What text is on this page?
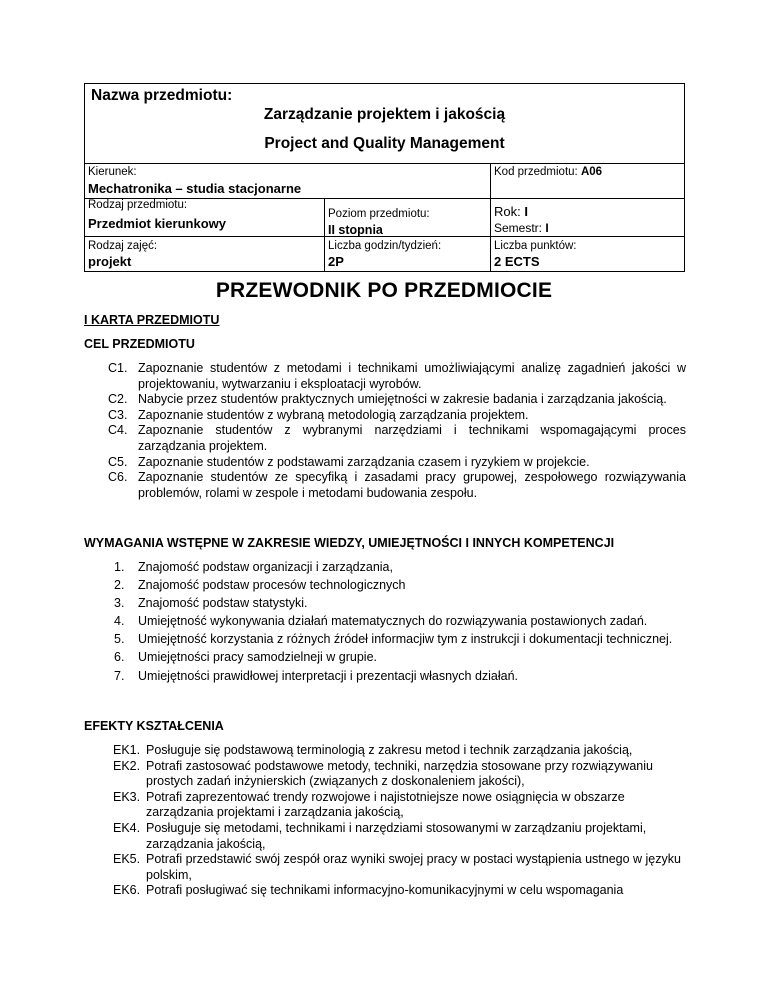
Nazwa przedmiotu:
Zarządzanie projektem i jakością
Project and Quality Management
Kierunek:
Mechatronika – studia stacjonarne
Kod przedmiotu: A06
Rodzaj przedmiotu:
Przedmiot kierunkowy
Poziom przedmiotu:
II stopnia
Rok: I
Semestr: I
Rodzaj zajęć:
projekt
Liczba godzin/tydzień:
2P
Liczba punktów:
2 ECTS
PRZEWODNIK PO PRZEDMIOCIE
I KARTA PRZEDMIOTU
CEL PRZEDMIOTU
C1. Zapoznanie studentów z metodami i technikami umożliwiającymi analizę zagadnień jakości w projektowaniu, wytwarzaniu i eksploatacji wyrobów.
C2. Nabycie przez studentów praktycznych umiejętności w zakresie badania i zarządzania jakością.
C3. Zapoznanie studentów z wybraną metodologią zarządzania projektem.
C4. Zapoznanie studentów z wybranymi narzędziami i technikami wspomagającymi proces zarządzania projektem.
C5. Zapoznanie studentów z podstawami zarządzania czasem i ryzykiem w projekcie.
C6. Zapoznanie studentów ze specyfiką i zasadami pracy grupowej, zespołowego rozwiązywania problemów, rolami w zespole i metodami budowania zespołu.
WYMAGANIA WSTĘPNE W ZAKRESIE WIEDZY, UMIEJĘTNOŚCI I INNYCH KOMPETENCJI
1.	Znajomość podstaw organizacji i zarządzania,
2.	Znajomość podstaw procesów technologicznych
3.	Znajomość podstaw statystyki.
4.	Umiejętność wykonywania działań matematycznych do rozwiązywania postawionych zadań.
5.	Umiejętność korzystania z różnych źródeł informacjiw tym z instrukcji i dokumentacji technicznej.
6.	Umiejętności pracy samodzielneji w grupie.
7.	Umiejętności prawidłowej interpretacji i prezentacji własnych działań.
EFEKTY KSZTAŁCENIA
EK1. Posługuje się podstawową terminologią z zakresu metod i technik zarządzania jakością,
EK2. Potrafi zastosować podstawowe metody, techniki, narzędzia stosowane przy rozwiązywaniu prostych zadań inżynierskich (związanych z doskonaleniem jakości),
EK3. Potrafi zaprezentować trendy rozwojowe i najistotniejsze nowe osiągnięcia w obszarze zarządzania projektami i zarządzania jakością,
EK4. Posługuje się metodami, technikami i narzędziami stosowanymi w zarządzaniu projektami, zarządzania jakością,
EK5. Potrafi przedstawić swój zespół oraz wyniki swojej pracy w postaci wystąpienia ustnego w języku polskim,
EK6. Potrafi posługiwać się technikami informacyjno-komunikacyjnymi w celu wspomagania
